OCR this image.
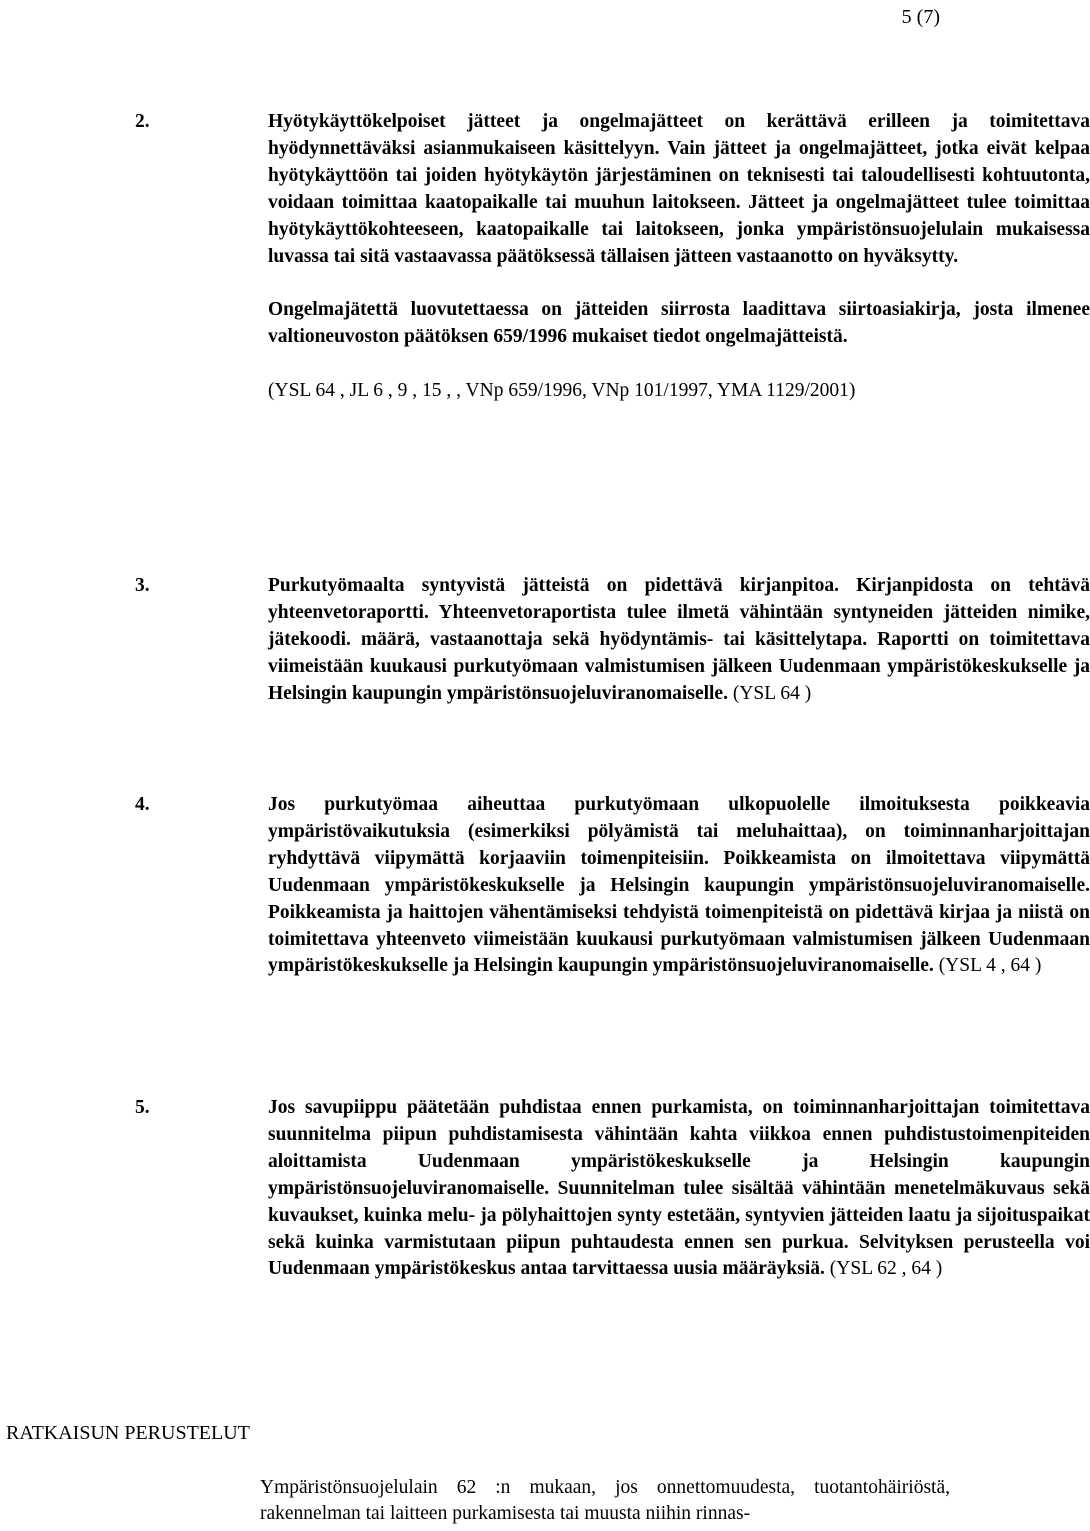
5 (7)
2.	Hyötykäyttökelpoiset jätteet ja ongelmajätteet on kerättävä erilleen ja toimitettava hyödynnettäväksi asianmukaiseen käsittelyyn. Vain jätteet ja ongelmajätteet, jotka eivät kelpaa hyötykäyttöön tai joiden hyötykäytön järjestäminen on teknisesti tai taloudellisesti kohtuutonta, voidaan toimittaa kaatopaikalle tai muuhun laitokseen. Jätteet ja ongelmajätteet tulee toimittaa hyötykäyttökohteeseen, kaatopaikalle tai laitokseen, jonka ympäristönsuojelulain mukaisessa luvassa tai sitä vastaavassa päätöksessä tällaisen jätteen vastaanotto on hyväksytty.

Ongelmajätettä luovutettaessa on jätteiden siirrosta laadittava siirtoasiakirja, josta ilmenee valtioneuvoston päätöksen 659/1996 mukaiset tiedot ongelmajätteistä.

(YSL 64 , JL 6 , 9 , 15 , , VNp 659/1996, VNp 101/1997, YMA 1129/2001)

3.	Purkutyömaalta syntyvistä jätteistä on pidettävä kirjanpitoa. Kirjanpidosta on tehtävä yhteenvetoraportti. Yhteenvetoraportista tulee ilmetä vähintään syntyneiden jätteiden nimike, jätekoodi. määrä, vastaanottaja sekä hyödyntämis- tai käsittelytapa. Raportti on toimitettava viimeistään kuukausi purkutyömaan valmistumisen jälkeen Uudenmaan ympäristökeskukselle ja Helsingin kaupungin ympäristönsuojeluviranomaiselle. (YSL 64 )

4.	Jos purkutyömaa aiheuttaa purkutyömaan ulkopuolelle ilmoituksesta poikkeavia ympäristövaikutuksia (esimerkiksi pölyämistä tai meluhaittaa), on toiminnanharjoittajan ryhdyttävä viipymättä korjaaviin toimenpiteisiin. Poikkeamista on ilmoitettava viipymättä Uudenmaan ympäristökeskukselle ja Helsingin kaupungin ympäristönsuojeluviranomaiselle. Poikkeamista ja haittojen vähentämiseksi tehdyistä toimenpiteistä on pidettävä kirjaa ja niistä on toimitettava yhteenveto viimeistään kuukausi purkutyömaan valmistumisen jälkeen Uudenmaan ympäristökeskukselle ja Helsingin kaupungin ympäristönsuojeluviranomaiselle. (YSL 4 , 64 )

5.	Jos savupiippu päätetään puhdistaa ennen purkamista, on toiminnanharjoittajan toimitettava suunnitelma piipun puhdistamisesta vähintään kahta viikkoa ennen puhdistustoimenpiteiden aloittamista Uudenmaan ympäristökeskukselle ja Helsingin kaupungin ympäristönsuojeluviranomaiselle. Suunnitelman tulee sisältää vähintään menetelmäkuvaus sekä kuvaukset, kuinka melu- ja pölyhaittojen synty estetään, syntyvien jätteiden laatu ja sijoituspaikat sekä kuinka varmistutaan piipun puhtaudesta ennen sen purkua. Selvityksen perusteella voi Uudenmaan ympäristökeskus antaa tarvittaessa uusia määräyksiä. (YSL 62 , 64 )

RATKAISUN PERUSTELUT

Ympäristönsuojelulain 62 :n mukaan, jos onnettomuudesta, tuotantohäiriöstä, rakennelman tai laitteen purkamisesta tai muusta niihin rinnas-
